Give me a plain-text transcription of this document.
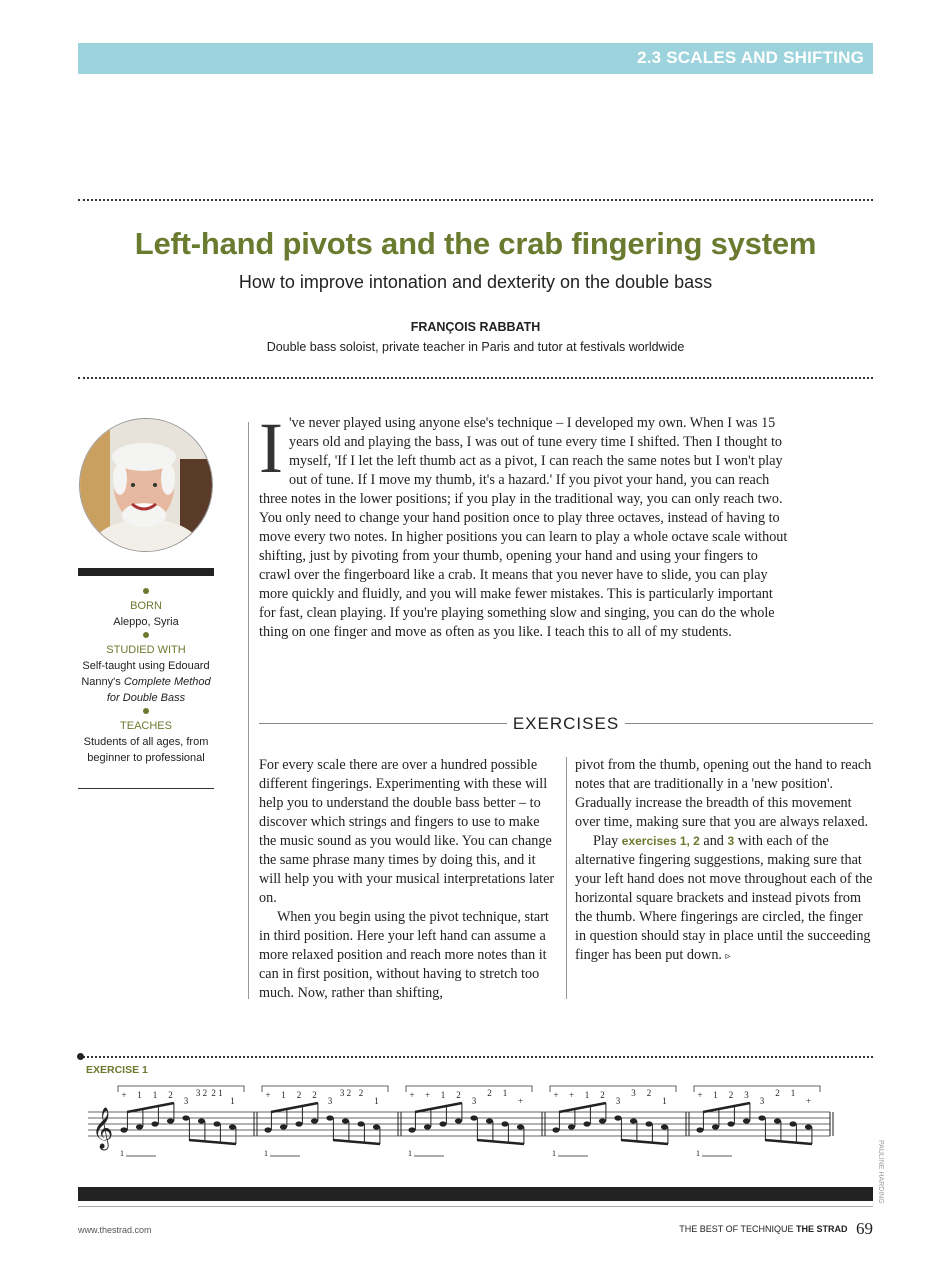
2.3 SCALES AND SHIFTING
Left-hand pivots and the crab fingering system
How to improve intonation and dexterity on the double bass
FRANÇOIS RABBATH
Double bass soloist, private teacher in Paris and tutor at festivals worldwide
BORN
Aleppo, Syria
STUDIED WITH
Self-taught using Edouard Nanny's Complete Method for Double Bass
TEACHES
Students of all ages, from beginner to professional
I 've never played using anyone else's technique – I developed my own. When I was 15 years old and playing the bass, I was out of tune every time I shifted. Then I thought to myself, 'If I let the left thumb act as a pivot, I can reach the same notes but I won't play out of tune. If I move my thumb, it's a hazard.' If you pivot your hand, you can reach three notes in the lower positions; if you play in the traditional way, you can only reach two. You only need to change your hand position once to play three octaves, instead of having to move every two notes. In higher positions you can learn to play a whole octave scale without shifting, just by pivoting from your thumb, opening your hand and using your fingers to crawl over the fingerboard like a crab. It means that you never have to slide, you can play more quickly and fluidly, and you will make fewer mistakes. This is particularly important for fast, clean playing. If you're playing something slow and singing, you can do the whole thing on one finger and move as often as you like. I teach this to all of my students.
EXERCISES

For every scale there are over a hundred possible different fingerings. Experimenting with these will help you to understand the double bass better – to discover which strings and fingers to use to make the music sound as you would like. You can change the same phrase many times by doing this, and it will help you with your musical interpretations later on.

When you begin using the pivot technique, start in third position. Here your left hand can assume a more relaxed position and reach more notes than it can in first position, without having to stretch too much. Now, rather than shifting,

pivot from the thumb, opening out the hand to reach notes that are traditionally in a 'new position'. Gradually increase the breadth of this movement over time, making sure that you are always relaxed.

Play exercises 1, 2 and 3 with each of the alternative fingering suggestions, making sure that your left hand does not move throughout each of the horizontal square brackets and instead pivots from the thumb. Where fingerings are circled, the finger in question should stay in place until the succeeding finger has been put down. ▹

EXERCISE 1
𝄞
+ 1 1 2
3
3 2 2 1
1
1
+ 1 2 2
3
3 2 2
1
1
+ + 1 2
3
2 1
+
1
+ + 1 2
3
3 2
1
1
+ 1 2 3
3
2 1
+
1
www.thestrad.com	THE BEST OF TECHNIQUE THE STRAD 69
PAULINE HARDING
